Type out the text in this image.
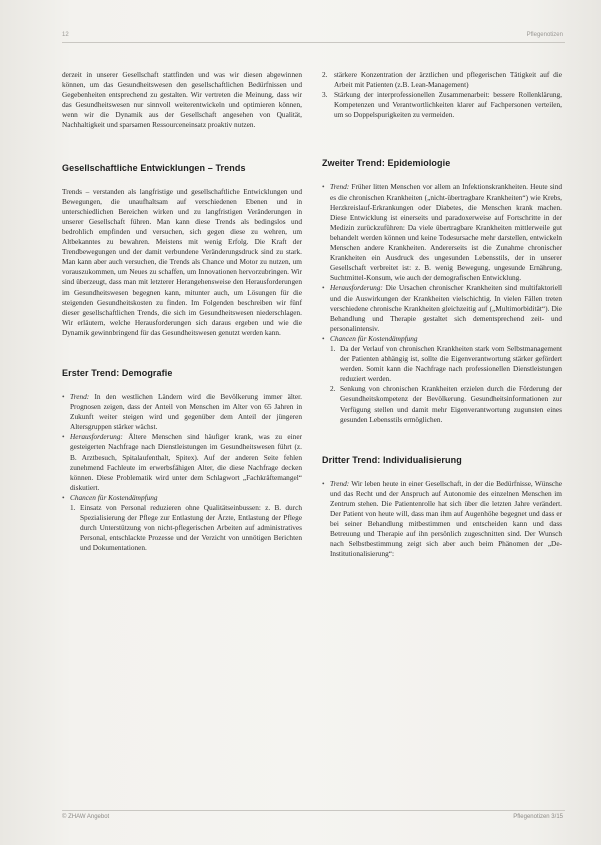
12	Pflegenotizen

derzeit in unserer Gesellschaft stattfinden und was wir diesen abgewinnen können, um das Gesundheitswesen den gesellschaftlichen Bedürfnissen und Gegebenheiten entsprechend zu gestalten. Wir vertreten die Meinung, dass wir das Gesundheitswesen nur sinnvoll weiterentwickeln und optimieren können, wenn wir die Dynamik aus der Gesellschaft angesehen von Qualität, Nachhaltigkeit und sparsamen Ressourceneinsatz proaktiv nutzen.

Gesellschaftliche Entwicklungen – Trends

Trends – verstanden als langfristige und gesellschaftliche Entwicklungen und Bewegungen, die unaufhaltsam auf verschiedenen Ebenen und in unterschiedlichen Bereichen wirken und zu langfristigen Veränderungen in unserer Gesellschaft führen. Man kann diese Trends als bedingslos und bedrohlich empfinden und versuchen, sich gegen diese zu wehren, um Altbekanntes zu bewahren. Meistens mit wenig Erfolg. Die Kraft der Trendbewegungen und der damit verbundene Veränderungsdruck sind zu stark. Man kann aber auch versuchen, die Trends als Chance und Motor zu nutzen, um vorauszukommen, um Neues zu schaffen, um Innovationen hervorzubringen. Wir sind überzeugt, dass man mit letzterer Herangehensweise den Herausforderungen im Gesundheitswesen begegnen kann, mitunter auch, um Lösungen für die steigenden Gesundheitskosten zu finden. Im Folgenden beschreiben wir fünf dieser gesellschaftlichen Trends, die sich im Gesundheitswesen niederschlagen. Wir erläutern, welche Herausforderungen sich daraus ergeben und wie die Dynamik gewinnbringend für das Gesundheitswesen genutzt werden kann.

Erster Trend: Demografie
• Trend: In den westlichen Ländern wird die Bevölkerung immer älter. Prognosen zeigen, dass der Anteil von Menschen im Alter von 65 Jahren in Zukunft weiter steigen wird und gegenüber dem Anteil der jüngeren Altersgruppen stärker wächst.
• Herausforderung: Ältere Menschen sind häufiger krank, was zu einer gesteigerten Nachfrage nach Dienstleistungen im Gesundheitswesen führt (z. B. Arztbesuch, Spitalaufenthalt, Spitex). Auf der anderen Seite fehlen zunehmend Fachleute im erwerbsfähigen Alter, die diese Nachfrage decken können. Diese Problematik wird unter dem Schlagwort „Fachkräftemangel“ diskutiert.
• Chancen für Kostendämpfung
1. Einsatz von Personal reduzieren ohne Qualitätseinbussen: z. B. durch Spezialisierung der Pflege zur Entlastung der Ärzte, Entlastung der Pflege durch Unterstützung von nicht-pflegerischen Arbeiten auf administratives Personal, entschlackte Prozesse und der Verzicht von unnötigen Berichten und Dokumentationen.
2. stärkere Konzentration der ärztlichen und pflegerischen Tätigkeit auf die Arbeit mit Patienten (z.B. Lean-Management)
3. Stärkung der interprofessionellen Zusammenarbeit: bessere Rollenklärung, Kompetenzen und Verantwortlichkeiten klarer auf Fachpersonen verteilen, um so Doppelspurigkeiten zu vermeiden.
Zweiter Trend: Epidemiologie
• Trend: Früher litten Menschen vor allem an Infektionskrankheiten. Heute sind es die chronischen Krankheiten („nicht-übertragbare Krankheiten“) wie Krebs, Herzkreislauf-Erkrankungen oder Diabetes, die Menschen krank machen. Diese Entwicklung ist einerseits und paradoxerweise auf Fortschritte in der Medizin zurückzuführen: Da viele übertragbare Krankheiten mittlerweile gut behandelt werden können und keine Todesursache mehr darstellen, entwickeln Menschen andere Krankheiten. Andererseits ist die Zunahme chronischer Krankheiten ein Ausdruck des ungesunden Lebensstils, der in unserer Gesellschaft verbreitet ist: z. B. wenig Bewegung, ungesunde Ernährung, Suchtmittel-Konsum, wie auch der demografischen Entwicklung.
• Herausforderung: Die Ursachen chronischer Krankheiten sind multifaktoriell und die Auswirkungen der Krankheiten vielschichtig. In vielen Fällen treten verschiedene chronische Krankheiten gleichzeitig auf („Multimorbidität“). Die Behandlung und Therapie gestaltet sich dementsprechend zeit- und personalintensiv.
• Chancen für Kostendämpfung
1. Da der Verlauf von chronischen Krankheiten stark vom Selbstmanagement der Patienten abhängig ist, sollte die Eigenverantwortung stärker gefördert werden. Somit kann die Nachfrage nach professionellen Dienstleistungen reduziert werden.
2. Senkung von chronischen Krankheiten erzielen durch die Förderung der Gesundheitskompetenz der Bevölkerung. Gesundheitsinformationen zur Verfügung stellen und damit mehr Eigenverantwortung zugunsten eines gesunden Lebensstils ermöglichen.
Dritter Trend: Individualisierung
• Trend: Wir leben heute in einer Gesellschaft, in der die Bedürfnisse, Wünsche und das Recht und der Anspruch auf Autonomie des einzelnen Menschen im Zentrum stehen. Die Patientenrolle hat sich über die letzten Jahre verändert. Der Patient von heute will, dass man ihm auf Augenhöhe begegnet und dass er bei seiner Behandlung mitbestimmen und entscheiden kann und dass Betreuung und Therapie auf ihn persönlich zugeschnitten sind. Der Wunsch nach Selbstbestimmung zeigt sich aber auch beim Phänomen der „De-Institutionalisierung“:
© ZHAW Angebot	Pflegenotizen 3/15
